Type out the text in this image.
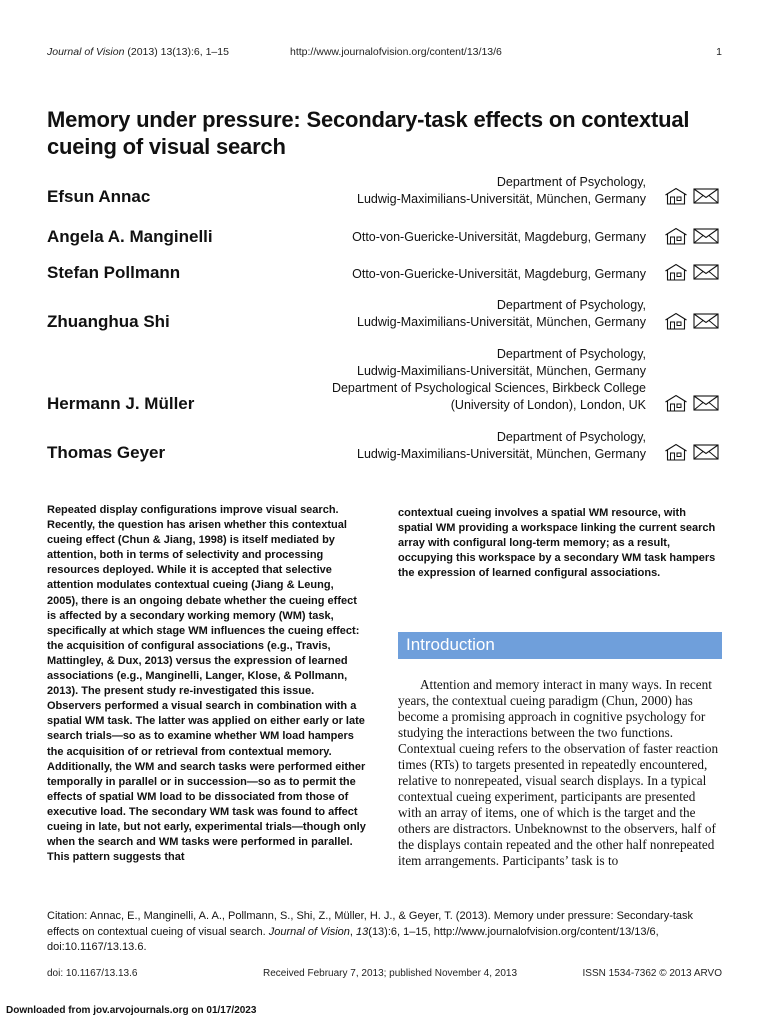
Journal of Vision (2013) 13(13):6, 1–15	http://www.journalofvision.org/content/13/13/6	1
Memory under pressure: Secondary-task effects on contextual cueing of visual search
Efsun Annac
Department of Psychology,
Ludwig-Maximilians-Universität, München, Germany
Angela A. Manginelli	Otto-von-Guericke-Universität, Magdeburg, Germany
Stefan Pollmann	Otto-von-Guericke-Universität, Magdeburg, Germany
Zhuanghua Shi
Department of Psychology,
Ludwig-Maximilians-Universität, München, Germany
Hermann J. Müller
Department of Psychology,
Ludwig-Maximilians-Universität, München, Germany
Department of Psychological Sciences, Birkbeck College
(University of London), London, UK
Thomas Geyer
Department of Psychology,
Ludwig-Maximilians-Universität, München, Germany
Repeated display configurations improve visual search. Recently, the question has arisen whether this contextual cueing effect (Chun & Jiang, 1998) is itself mediated by attention, both in terms of selectivity and processing resources deployed. While it is accepted that selective attention modulates contextual cueing (Jiang & Leung, 2005), there is an ongoing debate whether the cueing effect is affected by a secondary working memory (WM) task, specifically at which stage WM influences the cueing effect: the acquisition of configural associations (e.g., Travis, Mattingley, & Dux, 2013) versus the expression of learned associations (e.g., Manginelli, Langer, Klose, & Pollmann, 2013). The present study re-investigated this issue. Observers performed a visual search in combination with a spatial WM task. The latter was applied on either early or late search trials—so as to examine whether WM load hampers the acquisition of or retrieval from contextual memory. Additionally, the WM and search tasks were performed either temporally in parallel or in succession—so as to permit the effects of spatial WM load to be dissociated from those of executive load. The secondary WM task was found to affect cueing in late, but not early, experimental trials—though only when the search and WM tasks were performed in parallel. This pattern suggests that
contextual cueing involves a spatial WM resource, with spatial WM providing a workspace linking the current search array with configural long-term memory; as a result, occupying this workspace by a secondary WM task hampers the expression of learned configural associations.
Introduction
Attention and memory interact in many ways. In recent years, the contextual cueing paradigm (Chun, 2000) has become a promising approach in cognitive psychology for studying the interactions between the two functions. Contextual cueing refers to the observation of faster reaction times (RTs) to targets presented in repeatedly encountered, relative to nonrepeated, visual search displays. In a typical contextual cueing experiment, participants are presented with an array of items, one of which is the target and the others are distractors. Unbeknownst to the observers, half of the displays contain repeated and the other half nonrepeated item arrangements. Participants’ task is to
Citation: Annac, E., Manginelli, A. A., Pollmann, S., Shi, Z., Müller, H. J., & Geyer, T. (2013). Memory under pressure: Secondary-task effects on contextual cueing of visual search. Journal of Vision, 13(13):6, 1–15, http://www.journalofvision.org/content/13/13/6, doi:10.1167/13.13.6.
doi: 10.1167/13.13.6	Received February 7, 2013; published November 4, 2013	ISSN 1534-7362 © 2013 ARVO
Downloaded from jov.arvojournals.org on 01/17/2023
